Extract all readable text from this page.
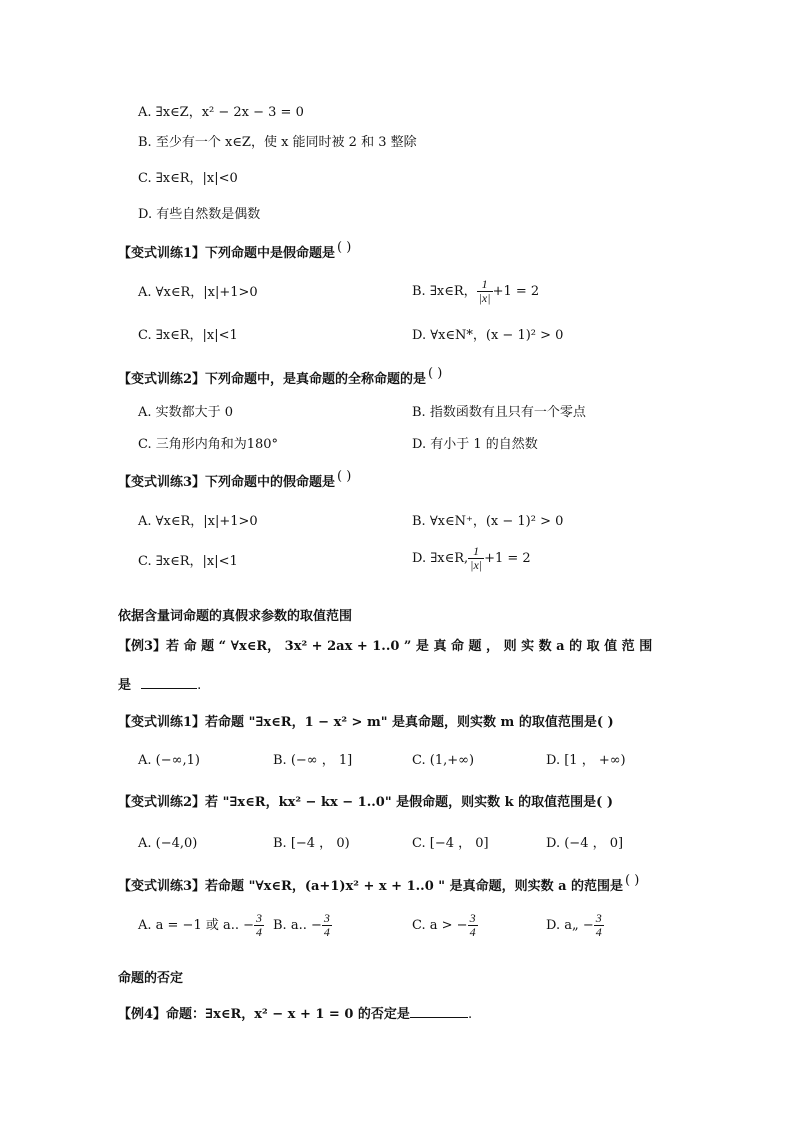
A. ∃x∈Z，x² − 2x − 3 = 0
B. 至少有一个 x∈Z，使 x 能同时被 2 和 3 整除
C. ∃x∈R，|x|<0
D. 有些自然数是偶数
【变式训练1】下列命题中是假命题是 ( )
A. ∀x∈R，|x|+1>0	B. ∃x∈R， $\frac{1}{|x|} +1 = 2$
C. ∃x∈R，|x|<1	D. ∀x∈N*，(x − 1)² > 0
【变式训练2】下列命题中，是真命题的全称命题的是 ( )
A. 实数都大于 0	B. 指数函数有且只有一个零点
C. 三角形内角和为180°	D. 有小于 1 的自然数
【变式训练3】下列命题中的假命题是 ( )
A. ∀x∈R，|x|+1>0	B. ∀x∈N⁺，(x − 1)² > 0
C. ∃x∈R，|x|<1	D. ∃x∈R, $\frac{1}{|x|} +1 = 2$
依据含量词命题的真假求参数的取值范围
【例3】若 命 题 “ ∀x∈R， 3x² + 2ax + 1..0 ” 是 真 命 题 ， 则 实 数 a 的 取 值 范 围
是	.
【变式训练1】若命题 "∃x∈R，1 − x² > m" 是真命题，则实数 m 的取值范围是( )
A. (−∞,1)	B. (−∞ ， 1]	C. (1,+∞)	D. [1 ， +∞)
【变式训练2】若 "∃x∈R，kx² − kx − 1..0" 是假命题，则实数 k 的取值范围是( )
A. (−4,0)	B. [−4 ， 0)	C. [−4 ， 0]	D. (−4 ， 0]
【变式训练3】若命题 "∀x∈R，(a+1)x² + x + 1..0 " 是真命题，则实数 a 的范围是 ( )
A. a = −1 或 a.. − $\frac{3}{4} B$. a.. − $\frac{3}{4}$	C. a > − $\frac{3}{4}$	D. a„ − $\frac{3}{4}$
命题的否定
【例4】命题：∃x∈R，x² − x + 1 = 0 的否定是	.
